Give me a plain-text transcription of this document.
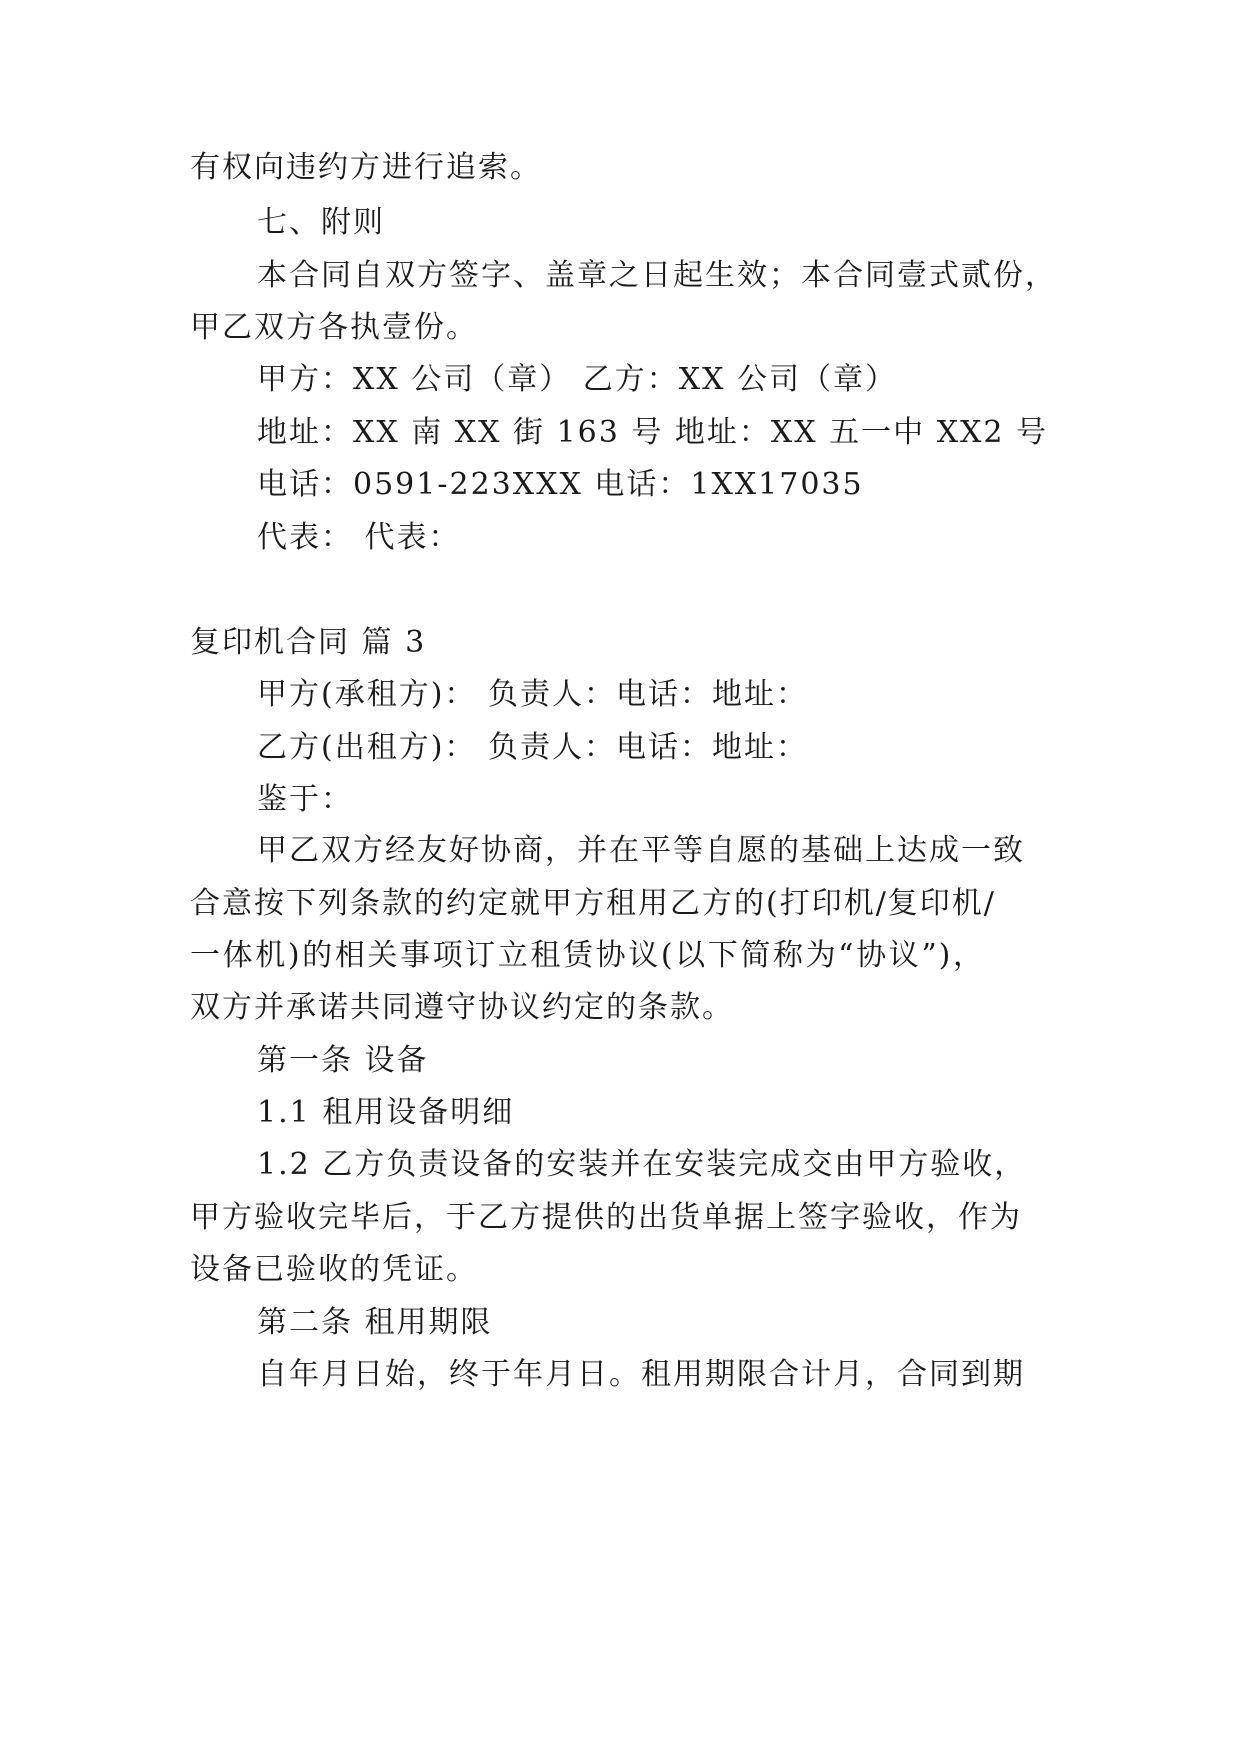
有权向违约方进行追索。
七、附则
本合同自双方签字、盖章之日起生效；本合同壹式贰份，
甲乙双方各执壹份。
甲方：XX 公司（章） 乙方：XX 公司（章）
地址：XX 南 XX 街 163 号 地址：XX 五一中 XX2 号
电话：0591-223XXX 电话：1XX17035
代表： 代表：
复印机合同 篇 3
甲方(承租方)： 负责人：电话：地址：
乙方(出租方)： 负责人：电话：地址：
鉴于：
甲乙双方经友好协商，并在平等自愿的基础上达成一致
合意按下列条款的约定就甲方租用乙方的(打印机/复印机/
一体机)的相关事项订立租赁协议(以下简称为“协议”)，
双方并承诺共同遵守协议约定的条款。
第一条 设备
1.1 租用设备明细
1.2 乙方负责设备的安装并在安装完成交由甲方验收，
甲方验收完毕后，于乙方提供的出货单据上签字验收，作为
设备已验收的凭证。
第二条 租用期限
自年月日始，终于年月日。租用期限合计月，合同到期
